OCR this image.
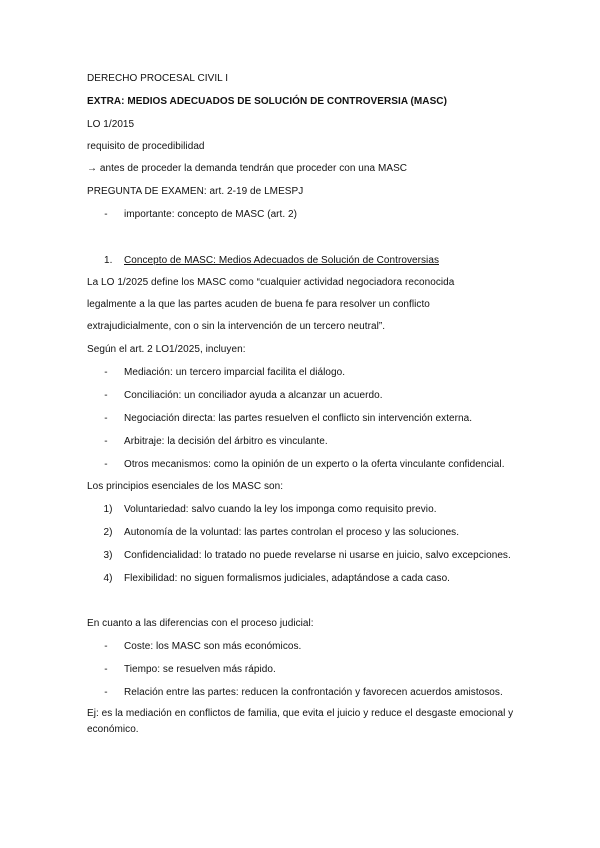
DERECHO PROCESAL CIVIL I
EXTRA: MEDIOS ADECUADOS DE SOLUCIÓN DE CONTROVERSIA (MASC)
LO 1/2015
requisito de procedibilidad
→ antes de proceder la demanda tendrán que proceder con una MASC
PREGUNTA DE EXAMEN: art. 2-19 de LMESPJ
-	importante: concepto de MASC (art. 2)
1. Concepto de MASC: Medios Adecuados de Solución de Controversias
La LO 1/2025 define los MASC como “cualquier actividad negociadora reconocida
legalmente a la que las partes acuden de buena fe para resolver un conflicto
extrajudicialmente, con o sin la intervención de un tercero neutral”.
Según el art. 2 LO1/2025, incluyen:
-	Mediación: un tercero imparcial facilita el diálogo.
-	Conciliación: un conciliador ayuda a alcanzar un acuerdo.
-	Negociación directa: las partes resuelven el conflicto sin intervención externa.
-	Arbitraje: la decisión del árbitro es vinculante.
-	Otros mecanismos: como la opinión de un experto o la oferta vinculante confidencial.
Los principios esenciales de los MASC son:
1) Voluntariedad: salvo cuando la ley los imponga como requisito previo.
2) Autonomía de la voluntad: las partes controlan el proceso y las soluciones.
3) Confidencialidad: lo tratado no puede revelarse ni usarse en juicio, salvo excepciones.
4) Flexibilidad: no siguen formalismos judiciales, adaptándose a cada caso.
En cuanto a las diferencias con el proceso judicial:
-	Coste: los MASC son más económicos.
-	Tiempo: se resuelven más rápido.
-	Relación entre las partes: reducen la confrontación y favorecen acuerdos amistosos.
Ej: es la mediación en conflictos de familia, que evita el juicio y reduce el desgaste emocional y
económico.
